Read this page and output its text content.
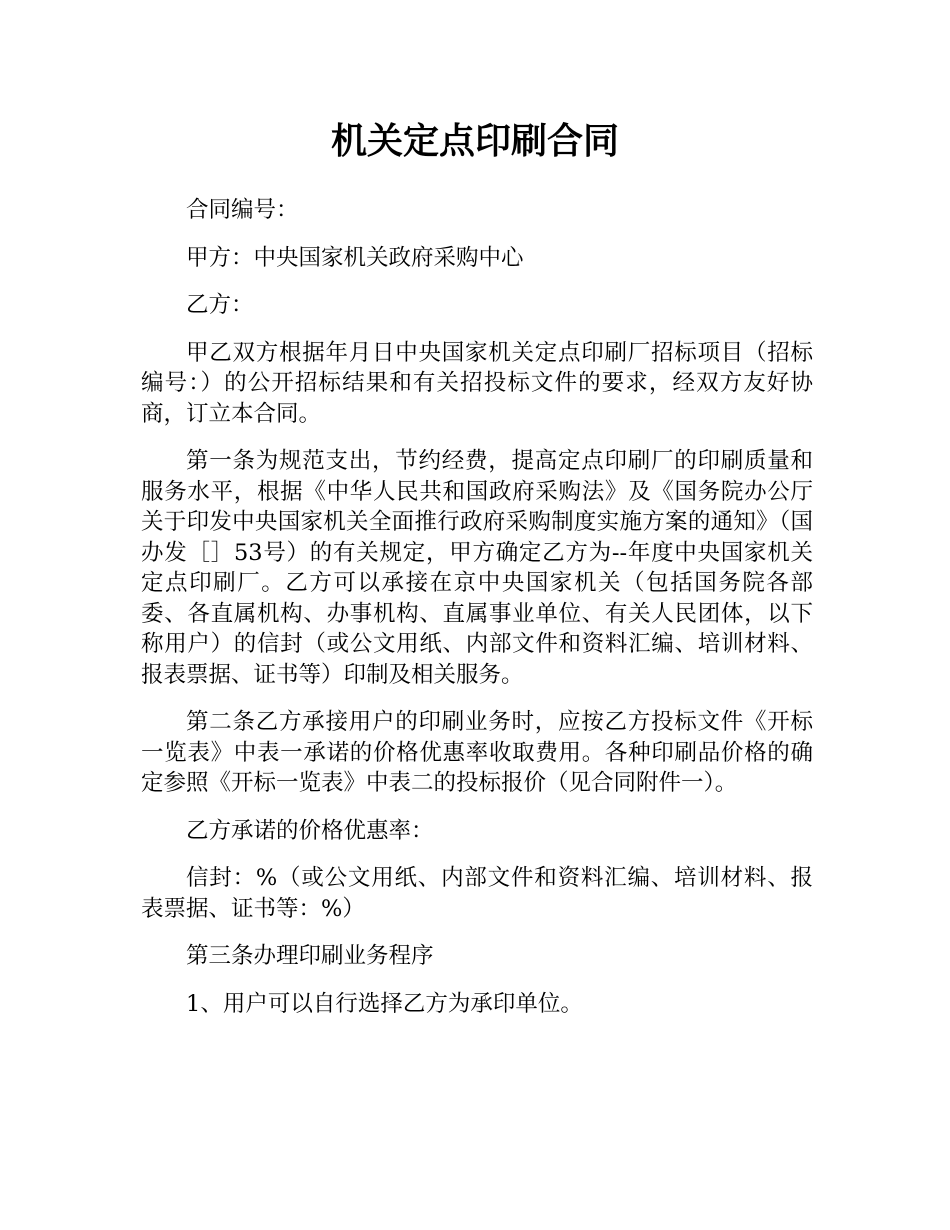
机关定点印刷合同

合同编号：

甲方：中央国家机关政府采购中心

乙方：

甲乙双方根据年月日中央国家机关定点印刷厂招标项目（招标编号：）的公开招标结果和有关招投标文件的要求，经双方友好协商，订立本合同。

第一条为规范支出，节约经费，提高定点印刷厂的印刷质量和服务水平，根据《中华人民共和国政府采购法》及《国务院办公厅关于印发中央国家机关全面推行政府采购制度实施方案的通知》（国办发［］53号）的有关规定，甲方确定乙方为--年度中央国家机关定点印刷厂。乙方可以承接在京中央国家机关（包括国务院各部委、各直属机构、办事机构、直属事业单位、有关人民团体，以下称用户）的信封（或公文用纸、内部文件和资料汇编、培训材料、报表票据、证书等）印制及相关服务。

第二条乙方承接用户的印刷业务时，应按乙方投标文件《开标一览表》中表一承诺的价格优惠率收取费用。各种印刷品价格的确定参照《开标一览表》中表二的投标报价（见合同附件一）。

乙方承诺的价格优惠率：

信封：%（或公文用纸、内部文件和资料汇编、培训材料、报表票据、证书等：%）

第三条办理印刷业务程序

1、用户可以自行选择乙方为承印单位。
